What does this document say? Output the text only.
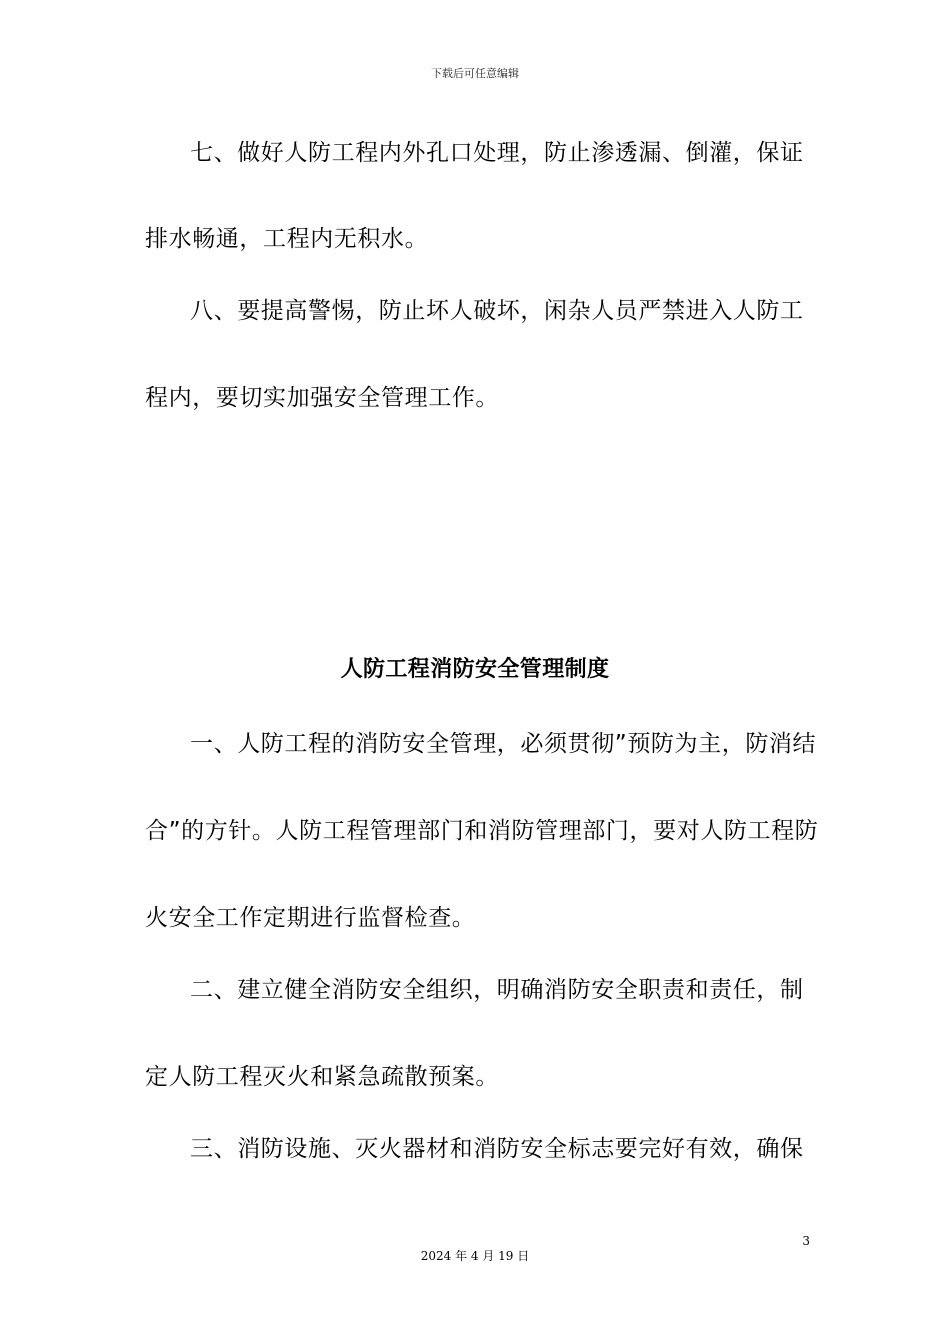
下载后可任意编辑
七、做好人防工程内外孔口处理，防止渗透漏、倒灌，保证
排水畅通，工程内无积水。
八、要提高警惕，防止坏人破坏，闲杂人员严禁进入人防工
程内，要切实加强安全管理工作。
人防工程消防安全管理制度
一、人防工程的消防安全管理，必须贯彻”预防为主，防消结
合”的方针。人防工程管理部门和消防管理部门，要对人防工程防
火安全工作定期进行监督检查。
二、建立健全消防安全组织，明确消防安全职责和责任，制
定人防工程灭火和紧急疏散预案。
三、消防设施、灭火器材和消防安全标志要完好有效，确保
3
2024 年 4 月 19 日
